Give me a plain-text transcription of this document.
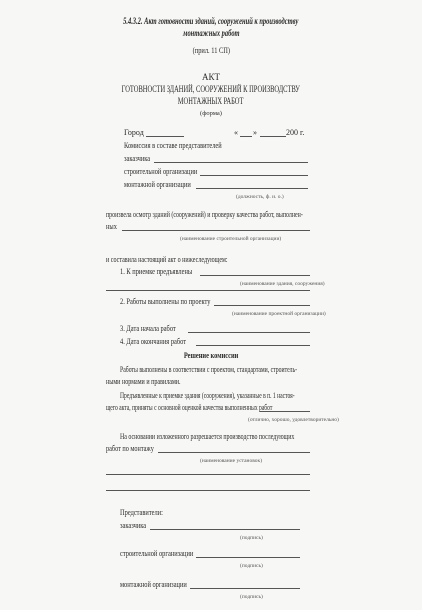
5.4.3.2. Акт готовности зданий, сооружений к производству
монтажных работ
(прил. 11 СП)
АКТ
ГОТОВНОСТИ ЗДАНИЙ, СООРУЖЕНИЙ К ПРОИЗВОДСТВУ
МОНТАЖНЫХ РАБОТ
(форма)
Город	« »	200 г.
Комиссия в составе представителей
заказчика
строительной организации
монтажной организации
(должность, ф. и. о.)
произвела осмотр зданий (сооружений) и проверку качества работ, выполнен-
ных
(наименование строительной организации)
и составила настоящий акт о нижеследующем:
1. К приемке предъявлены
(наименование здания, сооружения)
2. Работы выполнены по проекту
(наименование проектной организации)
3. Дата начала работ
4. Дата окончания работ
Решение комиссии
Работы выполнены в соответствии с проектом, стандартами, строитель-
ными нормами и правилами.
Предъявленные к приемке здания (сооружения), указанные в п. 1 настоя-
щего акта, приняты с основной оценкой качества выполненных работ
(отлично, хорошо, удовлетворительно)
На основании изложенного разрешается производство последующих
работ по монтажу
(наименование установок)
Представители:
заказчика
(подпись)
строительной организации
(подпись)
монтажной организации
(подпись)
